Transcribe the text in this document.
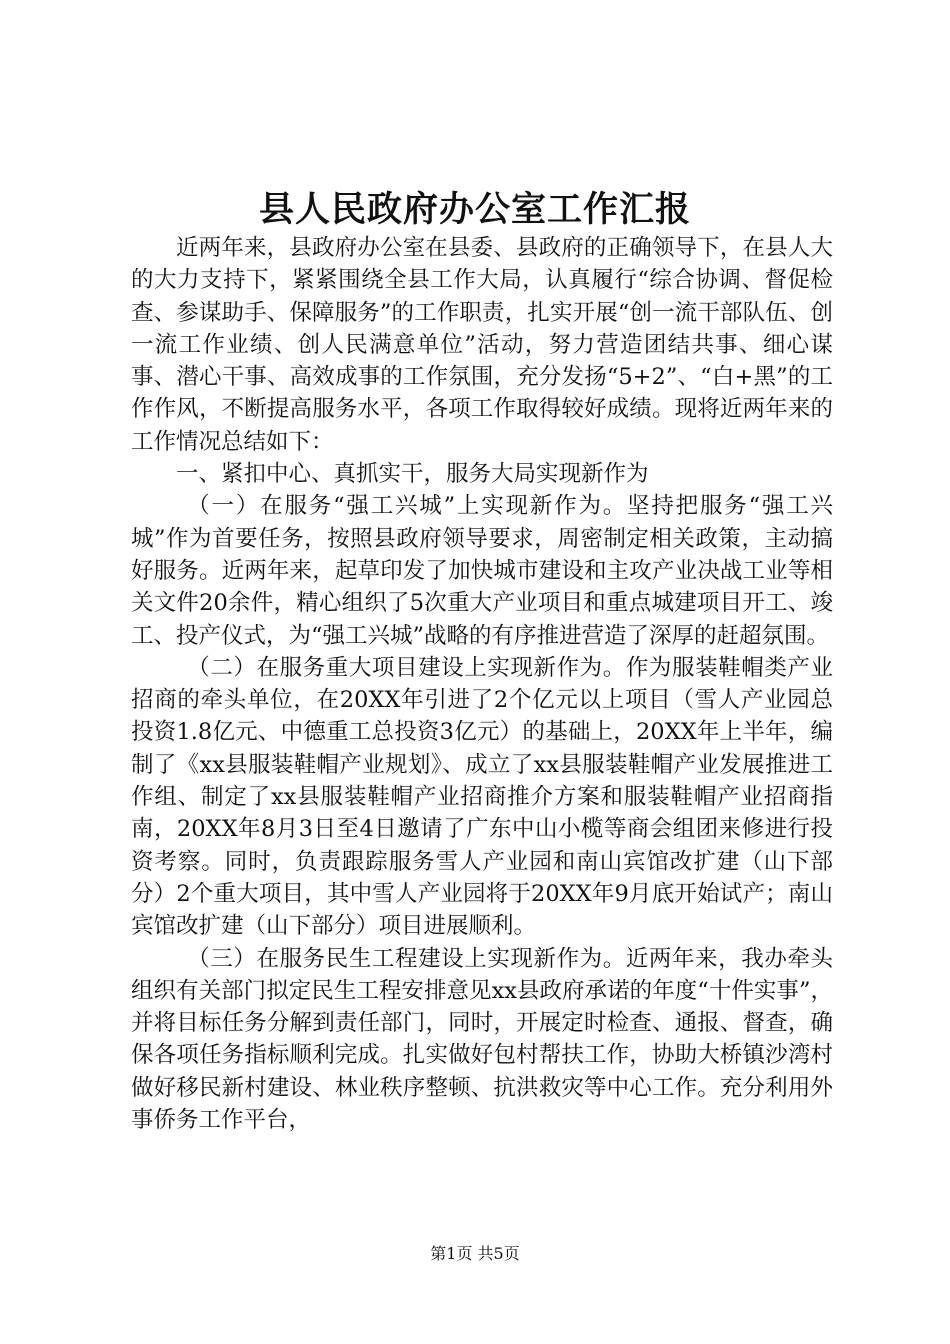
县人民政府办公室工作汇报

近两年来，县政府办公室在县委、县政府的正确领导下，在县人大的大力支持下，紧紧围绕全县工作大局，认真履行“综合协调、督促检查、参谋助手、保障服务”的工作职责，扎实开展“创一流干部队伍、创一流工作业绩、创人民满意单位”活动，努力营造团结共事、细心谋事、潜心干事、高效成事的工作氛围，充分发扬“5+2”、“白+黑”的工作作风，不断提高服务水平，各项工作取得较好成绩。现将近两年来的工作情况总结如下：

一、紧扣中心、真抓实干，服务大局实现新作为

（一）在服务“强工兴城”上实现新作为。坚持把服务“强工兴城”作为首要任务，按照县政府领导要求，周密制定相关政策，主动搞好服务。近两年来，起草印发了加快城市建设和主攻产业决战工业等相关文件20余件，精心组织了5次重大产业项目和重点城建项目开工、竣工、投产仪式，为“强工兴城”战略的有序推进营造了深厚的赶超氛围。

（二）在服务重大项目建设上实现新作为。作为服装鞋帽类产业招商的牵头单位，在20XX年引进了2个亿元以上项目（雪人产业园总投资1.8亿元、中德重工总投资3亿元）的基础上，20XX年上半年，编制了《xx县服装鞋帽产业规划》、成立了xx县服装鞋帽产业发展推进工作组、制定了xx县服装鞋帽产业招商推介方案和服装鞋帽产业招商指南，20XX年8月3日至4日邀请了广东中山小榄等商会组团来修进行投资考察。同时，负责跟踪服务雪人产业园和南山宾馆改扩建（山下部分）2个重大项目，其中雪人产业园将于20XX年9月底开始试产；南山宾馆改扩建（山下部分）项目进展顺利。

（三）在服务民生工程建设上实现新作为。近两年来，我办牵头组织有关部门拟定民生工程安排意见xx县政府承诺的年度“十件实事”，并将目标任务分解到责任部门，同时，开展定时检查、通报、督查，确保各项任务指标顺利完成。扎实做好包村帮扶工作，协助大桥镇沙湾村做好移民新村建设、林业秩序整顿、抗洪救灾等中心工作。充分利用外事侨务工作平台，

第1页 共5页
